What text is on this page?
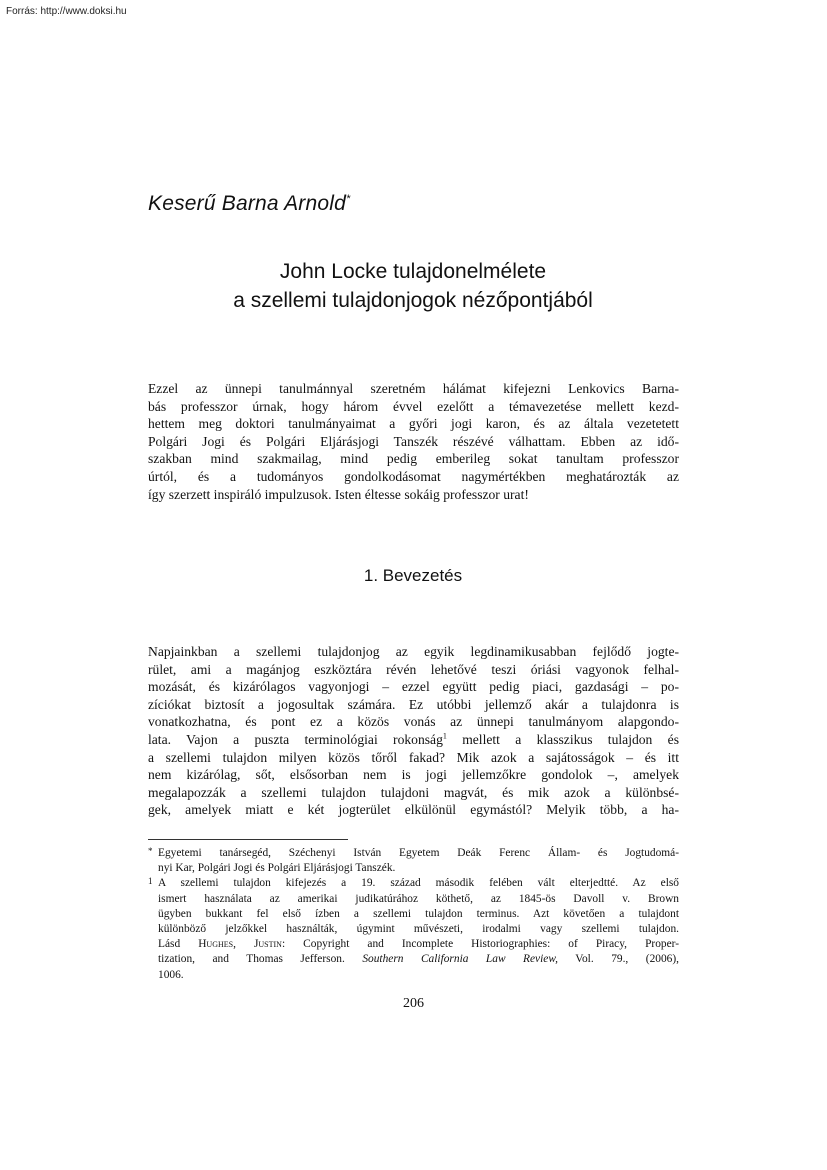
Forrás: http://www.doksi.hu
Keserű Barna Arnold*
John Locke tulajdonelmélete
a szellemi tulajdonjogok nézőpontjából
Ezzel az ünnepi tanulmánnyal szeretném hálámat kifejezni Lenkovics Barna-
bás professzor úrnak, hogy három évvel ezelőtt a témavezetése mellett kezd-
hettem meg doktori tanulmányaimat a győri jogi karon, és az általa vezetetett
Polgári Jogi és Polgári Eljárásjogi Tanszék részévé válhattam. Ebben az idő-
szakban mind szakmailag, mind pedig emberileg sokat tanultam professzor
úrtól, és a tudományos gondolkodásomat nagymértékben meghatározták az
így szerzett inspiráló impulzusok. Isten éltesse sokáig professzor urat!
1. Bevezetés
Napjainkban a szellemi tulajdonjog az egyik legdinamikusabban fejlődő jogte-
rület, ami a magánjog eszköztára révén lehetővé teszi óriási vagyonok felhal-
mozását, és kizárólagos vagyonjogi – ezzel együtt pedig piaci, gazdasági – po-
zíciókat biztosít a jogosultak számára. Ez utóbbi jellemző akár a tulajdonra is
vonatkozhatna, és pont ez a közös vonás az ünnepi tanulmányom alapgondo-
lata. Vajon a puszta terminológiai rokonság$^1$ mellett a klasszikus tulajdon és
a szellemi tulajdon milyen közös tőről fakad? Mik azok a sajátosságok – és itt
nem kizárólag, sőt, elsősorban nem is jogi jellemzőkre gondolok –, amelyek
megalapozzák a szellemi tulajdon tulajdoni magvát, és mik azok a különbsé-
gek, amelyek miatt e két jogterület elkülönül egymástól? Melyik több, a ha-
* Egyetemi tanársegéd, Széchenyi István Egyetem Deák Ferenc Állam- és Jogtudomá-
nyi Kar, Polgári Jogi és Polgári Eljárásjogi Tanszék.
1 A szellemi tulajdon kifejezés a 19. század második felében vált elterjedtté. Az első
ismert használata az amerikai judikatúrához köthető, az 1845-ös Davoll v. Brown
ügyben bukkant fel első ízben a szellemi tulajdon terminus. Azt követően a tulajdont
különböző jelzőkkel használták, úgymint művészeti, irodalmi vagy szellemi tulajdon.
Lásd Hughes, Justin: Copyright and Incomplete Historiographies: of Piracy, Proper-
tization, and Thomas Jefferson. Southern California Law Review, Vol. 79., (2006),
1006.
206
